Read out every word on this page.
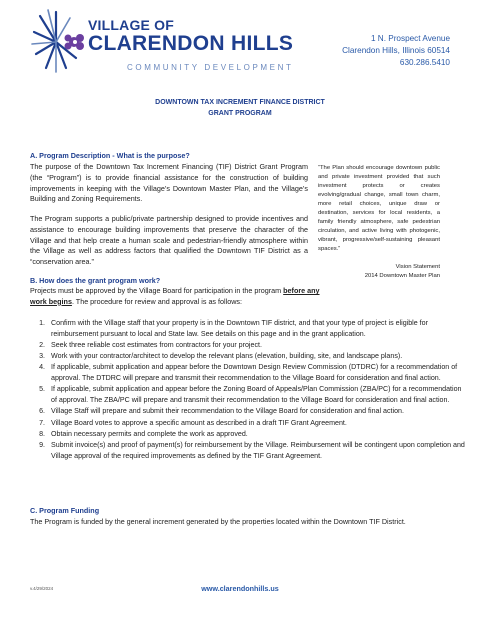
VILLAGE OF
CLARENDON HILLS
COMMUNITY DEVELOPMENT
1 N. Prospect Avenue
Clarendon Hills, Illinois 60514
630.286.5410
DOWNTOWN TAX INCREMENT FINANCE DISTRICT
GRANT PROGRAM
A. Program Description - What is the purpose?
The purpose of the Downtown Tax Increment Financing (TIF) District Grant Program (the “Program”) is to provide financial assistance for the construction of building improvements in keeping with the Village’s Downtown Master Plan, and the Village’s Building and Zoning Requirements.
The Program supports a public/private partnership designed to provide incentives and assistance to encourage building improvements that preserve the character of the Village and that help create a human scale and pedestrian-friendly atmosphere within the Village as well as address factors that qualified the Downtown TIF District as a “conservation area.”
“The Plan should encourage downtown public and private investment provided that such investment protects or creates evolving/gradual change, small town charm, more retail choices, unique draw or destination, services for local residents, a family friendly atmosphere, safe pedestrian circulation, and active living with photogenic, vibrant, progressive/self-sustaining pleasant spaces.”
Vision Statement
2014 Downtown Master Plan
B. How does the grant program work?
Projects must be approved by the Village Board for participation in the program before any work begins. The procedure for review and approval is as follows:
1. Confirm with the Village staff that your property is in the Downtown TIF district, and that your type of project is eligible for reimbursement pursuant to local and State law. See details on this page and in the grant application.
2. Seek three reliable cost estimates from contractors for your project.
3. Work with your contractor/architect to develop the relevant plans (elevation, building, site, and landscape plans).
4. If applicable, submit application and appear before the Downtown Design Review Commission (DTDRC) for a recommendation of approval. The DTDRC will prepare and transmit their recommendation to the Village Board for consideration and final action.
5. If applicable, submit application and appear before the Zoning Board of Appeals/Plan Commission (ZBA/PC) for a recommendation of approval. The ZBA/PC will prepare and transmit their recommendation to the Village Board for consideration and final action.
6. Village Staff will prepare and submit their recommendation to the Village Board for consideration and final action.
7. Village Board votes to approve a specific amount as described in a draft TIF Grant Agreement.
8. Obtain necessary permits and complete the work as approved.
9. Submit invoice(s) and proof of payment(s) for reimbursement by the Village. Reimbursement will be contingent upon completion and Village approval of the required improvements as defined by the TIF Grant Agreement.
C. Program Funding
The Program is funded by the general increment generated by the properties located within the Downtown TIF District.
v.4/29/2024	www.clarendonhills.us
